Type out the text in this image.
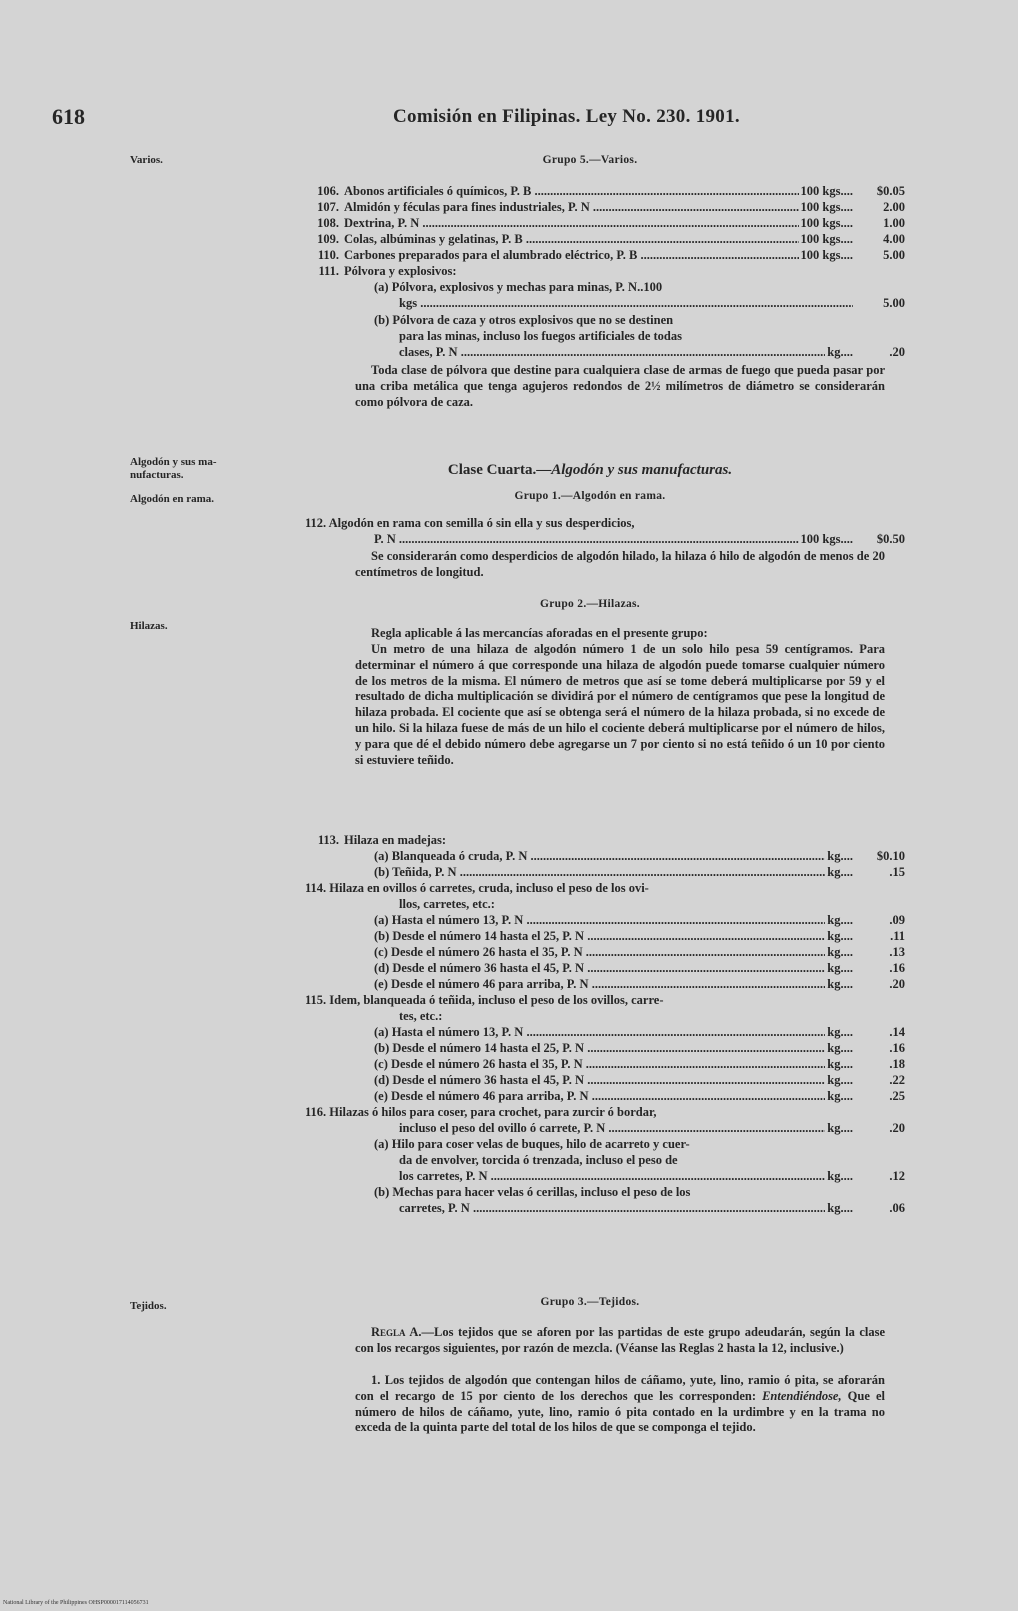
618	Comisión en Filipinas. Ley No. 230. 1901.
Varios.
Algodón y sus ma-
nufacturas.
Algodón en rama.
Hilazas.
Tejidos.
Grupo 5.—Varios.
106. Abonos artificiales ó químicos, P. B .....	100 kgs....	$0.05
107. Almidón y féculas para fines industriales, P. N .....	100 kgs....	2.00
108. Dextrina, P. N .....	100 kgs....	1.00
109. Colas, albúminas y gelatinas, P. B .....	100 kgs....	4.00
110. Carbones preparados para el alumbrado eléctrico, P. B .....	100 kgs....	5.00
111. Pólvora y explosivos:
(a) Pólvora, explosivos y mechas para minas, P. N..100
kgs .....	5.00
(b) Pólvora de caza y otros explosivos que no se destinen
para las minas, incluso los fuegos artificiales de todas
clases, P. N .....	kg....	.20
Toda clase de pólvora que destine para cualquiera clase de armas de fuego que pueda pasar por una criba metálica que tenga agujeros redondos de 2½ milímetros de diámetro se considerarán como pólvora de caza.
Clase Cuarta.—Algodón y sus manufacturas.
Grupo 1.—Algodón en rama.
112. Algodón en rama con semilla ó sin ella y sus desperdicios,
P. N .....	100 kgs....	$0.50
Se considerarán como desperdicios de algodón hilado, la hilaza ó hilo de algodón de menos de 20 centímetros de longitud.
Grupo 2.—Hilazas.
Regla aplicable á las mercancías aforadas en el presente grupo:
Un metro de una hilaza de algodón número 1 de un solo hilo pesa 59 centígramos. Para determinar el número á que corresponde una hilaza de algodón puede tomarse cualquier número de los metros de la misma. El número de metros que así se tome deberá multiplicarse por 59 y el resultado de dicha multiplicación se dividirá por el número de centígramos que pese la longitud de hilaza probada. El cociente que así se obtenga será el número de la hilaza probada, si no excede de un hilo. Si la hilaza fuese de más de un hilo el cociente deberá multiplicarse por el número de hilos, y para que dé el debido número debe agregarse un 7 por ciento si no está teñido ó un 10 por ciento si estuviere teñido.
113. Hilaza en madejas:
(a) Blanqueada ó cruda, P. N .....	kg....	$0.10
(b) Teñida, P. N .....	kg....	.15
114. Hilaza en ovillos ó carretes, cruda, incluso el peso de los ovi-
llos, carretes, etc.:
(a) Hasta el número 13, P. N .....	kg....	.09
(b) Desde el número 14 hasta el 25, P. N .....	kg....	.11
(c) Desde el número 26 hasta el 35, P. N .....	kg....	.13
(d) Desde el número 36 hasta el 45, P. N .....	kg....	.16
(e) Desde el número 46 para arriba, P. N .....	kg....	.20
115. Idem, blanqueada ó teñida, incluso el peso de los ovillos, carre-
tes, etc.:
(a) Hasta el número 13, P. N .....	kg....	.14
(b) Desde el número 14 hasta el 25, P. N .....	kg....	.16
(c) Desde el número 26 hasta el 35, P. N .....	kg....	.18
(d) Desde el número 36 hasta el 45, P. N .....	kg....	.22
(e) Desde el número 46 para arriba, P. N .....	kg....	.25
116. Hilazas ó hilos para coser, para crochet, para zurcir ó bordar,
incluso el peso del ovillo ó carrete, P. N .....	kg....	.20
(a) Hilo para coser velas de buques, hilo de acarreto y cuer-
da de envolver, torcida ó trenzada, incluso el peso de
los carretes, P. N .....	kg....	.12
(b) Mechas para hacer velas ó cerillas, incluso el peso de los
carretes, P. N .....	kg....	.06
Grupo 3.—Tejidos.
Regla A.—Los tejidos que se aforen por las partidas de este grupo adeudarán, según la clase con los recargos siguientes, por razón de mezcla. (Véanse las Reglas 2 hasta la 12, inclusive.)
1. Los tejidos de algodón que contengan hilos de cáñamo, yute, lino, ramio ó pita, se aforarán con el recargo de 15 por ciento de los derechos que les corresponden: Entendiéndose, Que el número de hilos de cáñamo, yute, lino, ramio ó pita contado en la urdimbre y en la trama no exceda de la quinta parte del total de los hilos de que se componga el tejido.
National Library of the Philippines OHSP000017114056731
